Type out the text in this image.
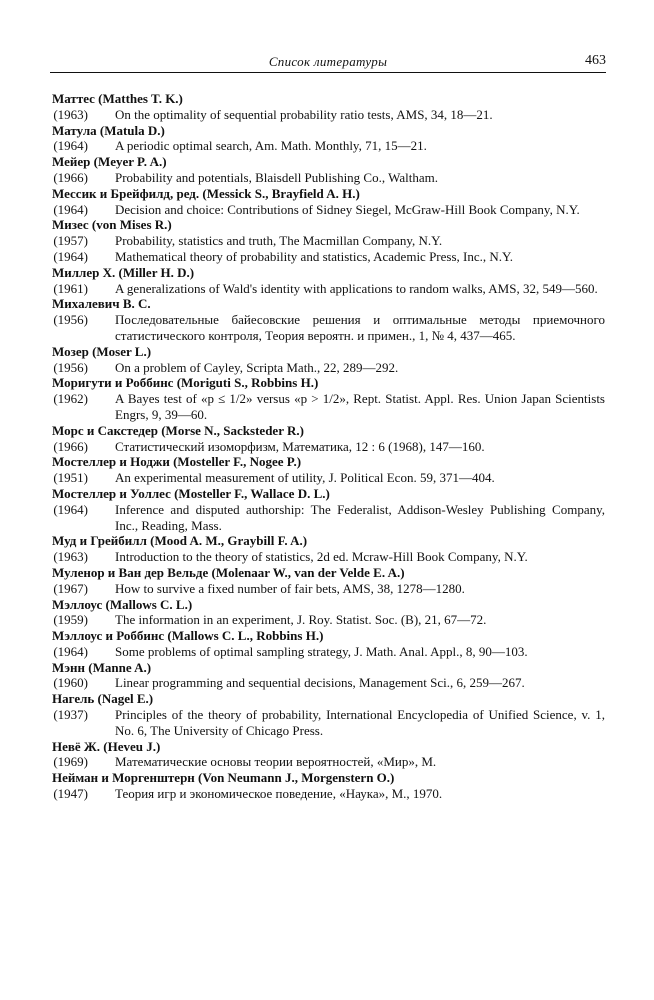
Список литературы	463
Маттес (Matthes T. K.)
( 1963 )	On the optimality of sequential probability ratio tests, AMS, 34, 18—21.
Матула (Matula D.)
( 1964 )	A periodic optimal search, Am. Math. Monthly, 71, 15—21.
Мейер (Meyer P. A.)
( 1966 )	Probability and potentials, Blaisdell Publishing Co., Waltham.
Мессик и Брейфилд, ред. (Messick S., Brayfield A. H.)
( 1964 )	Decision and choice: Contributions of Sidney Siegel, McGraw-Hill Book Company, N.Y.
Мизес (von Mises R.)
( 1957 )	Probability, statistics and truth, The Macmillan Company, N.Y.
( 1964 )	Mathematical theory of probability and statistics, Academic Press, Inc., N.Y.
Миллер X. (Miller H. D.)
( 1961 )	A generalizations of Wald's identity with applications to random walks, AMS, 32, 549—560.
Михалевич В. С.
( 1956 )	Последовательные байесовские решения и оптимальные методы приемочного статистического контроля, Теория вероятн. и примен., 1, № 4, 437—465.
Мозер (Moser L.)
( 1956 )	On a problem of Cayley, Scripta Math., 22, 289—292.
Моригути и Роббинс (Moriguti S., Robbins H.)
( 1962 )	A Bayes test of «p ≤ 1/2» versus «p > 1/2», Rept. Statist. Appl. Res. Union Japan Scientists Engrs, 9, 39—60.
Морс и Сакстедер (Morse N., Sacksteder R.)
( 1966 )	Статистический изоморфизм, Математика, 12 : 6 (1968), 147—160.
Мостеллер и Ноджи (Mosteller F., Nogee P.)
( 1951 )	An experimental measurement of utility, J. Political Econ. 59, 371—404.
Мостеллер и Уоллес (Mosteller F., Wallace D. L.)
( 1964 )	Inference and disputed authorship: The Federalist, Addison-Wesley Publishing Company, Inc., Reading, Mass.
Муд и Грейбилл (Mood A. M., Graybill F. A.)
( 1963 )	Introduction to the theory of statistics, 2d ed. Mcraw-Hill Book Company, N.Y.
Муленор и Ван дер Вельде (Molenaar W., van der Velde E. A.)
( 1967 )	How to survive a fixed number of fair bets, AMS, 38, 1278—1280.
Мэллоус (Mallows C. L.)
( 1959 )	The information in an experiment, J. Roy. Statist. Soc. (B), 21, 67—72.
Мэллоус и Роббинс (Mallows C. L., Robbins H.)
( 1964 )	Some problems of optimal sampling strategy, J. Math. Anal. Appl., 8, 90—103.
Мэнн (Manne A.)
( 1960 )	Linear programming and sequential decisions, Management Sci., 6, 259—267.
Нагель (Nagel E.)
( 1937 )	Principles of the theory of probability, International Encyclopedia of Unified Science, v. 1, No. 6, The University of Chicago Press.
Невё Ж. (Heveu J.)
( 1969 )	Математические основы теории вероятностей, «Мир», М.
Нейман и Моргенштерн (Von Neumann J., Morgenstern O.)
( 1947 )	Теория игр и экономическое поведение, «Наука», М., 1970.
